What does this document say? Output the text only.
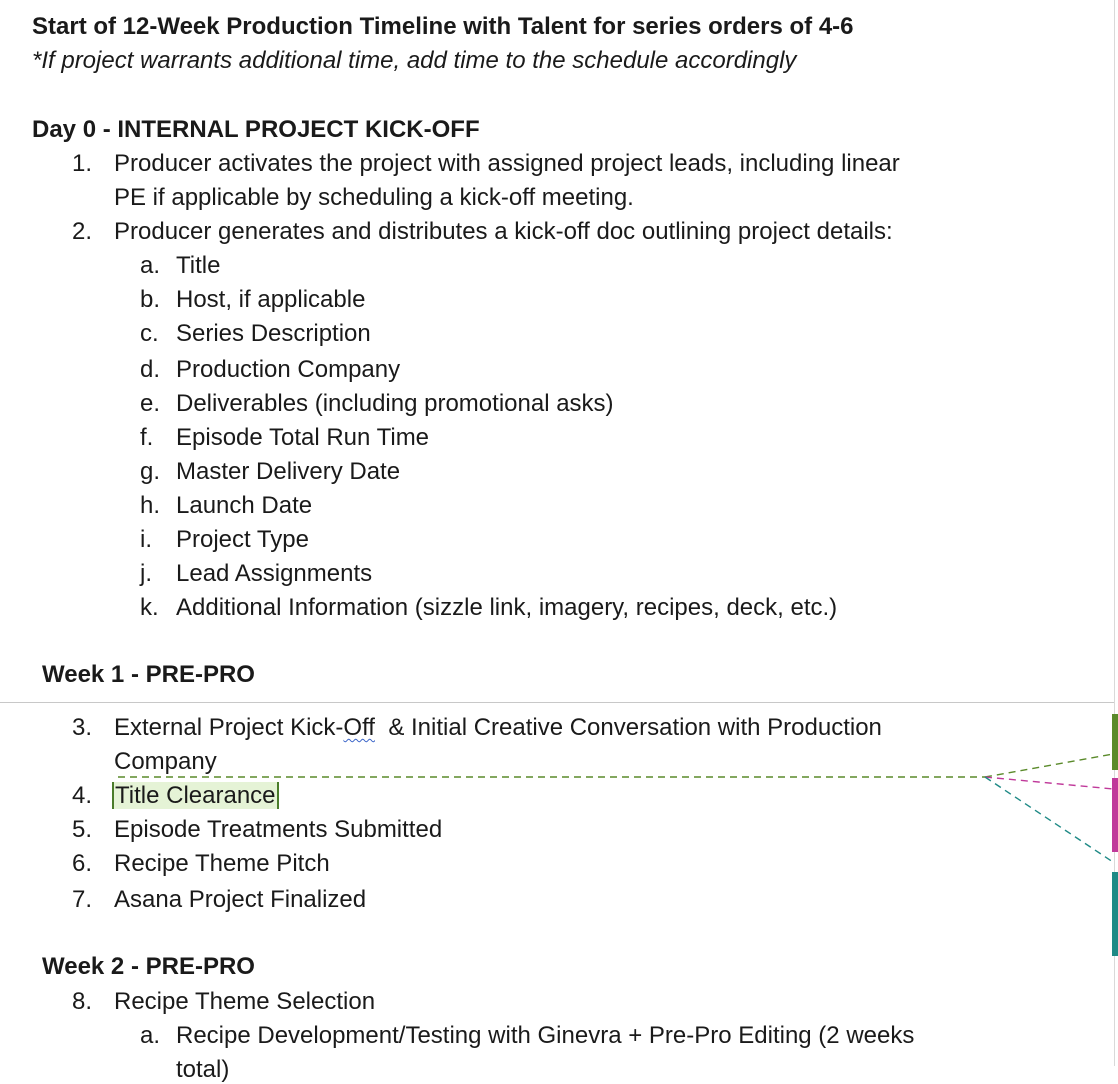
Start of 12-Week Production Timeline with Talent for series orders of 4-6
*If project warrants additional time, add time to the schedule accordingly
Day 0 - INTERNAL PROJECT KICK-OFF
1. Producer activates the project with assigned project leads, including linear
PE if applicable by scheduling a kick-off meeting.
2. Producer generates and distributes a kick-off doc outlining project details:
a. Title
b. Host, if applicable
c. Series Description
d. Production Company
e. Deliverables (including promotional asks)
f. Episode Total Run Time
g. Master Delivery Date
h. Launch Date
i. Project Type
j. Lead Assignments
k. Additional Information (sizzle link, imagery, recipes, deck, etc.)
Week 1 - PRE-PRO
3. External Project Kick-Off  & Initial Creative Conversation with Production
Company
4. Title Clearance
5. Episode Treatments Submitted
6. Recipe Theme Pitch
7. Asana Project Finalized
Week 2 - PRE-PRO
8. Recipe Theme Selection
a. Recipe Development/Testing with Ginevra + Pre-Pro Editing (2 weeks
total)
